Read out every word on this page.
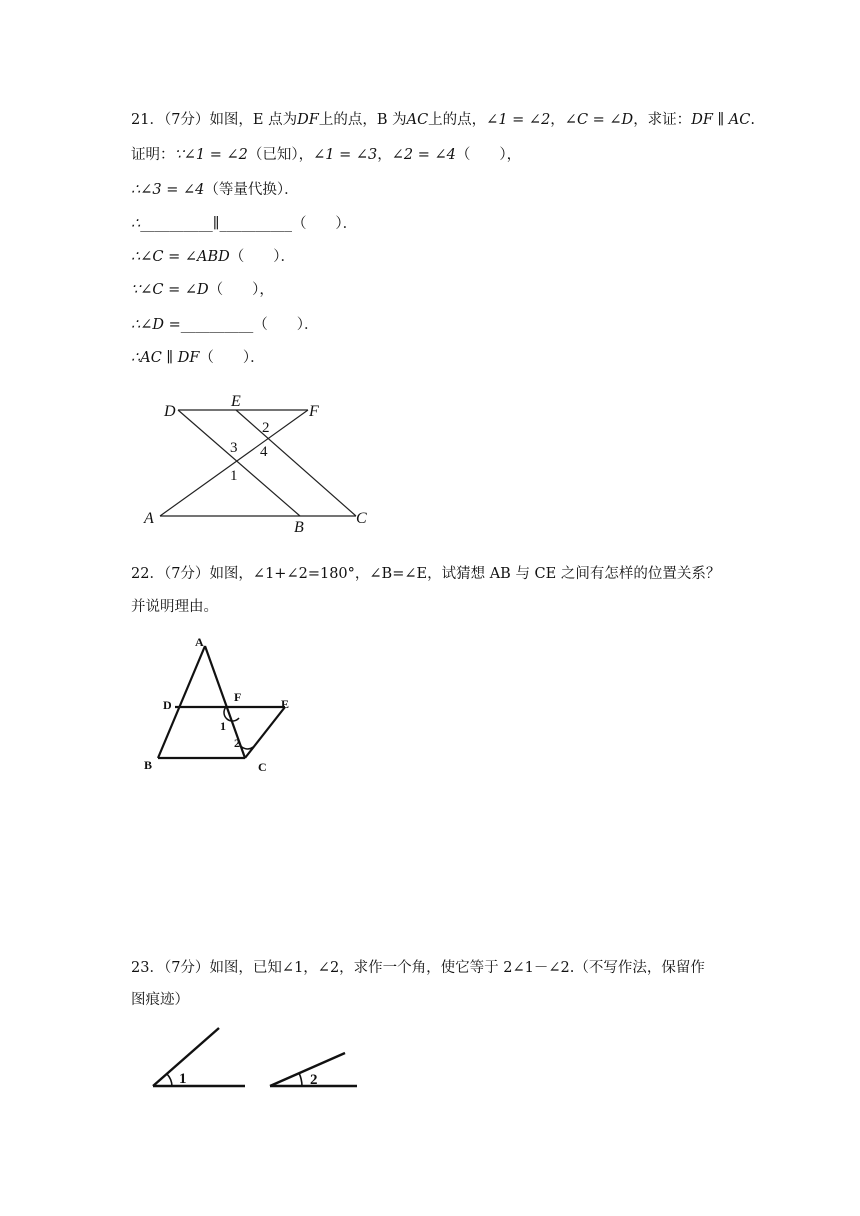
21．（7分）如图，E 点为DF上的点，B 为AC上的点，∠1 = ∠2，∠C = ∠D，求证：DF ∥ AC.
证明：∵∠1 = ∠2（已知），∠1 = ∠3，∠2 = ∠4（　　），
∴∠3 = ∠4（等量代换）．
∴__________∥__________（　　）．
∴∠C = ∠ABD（　　）．
∵∠C = ∠D（　　），
∴∠D =__________（　　）．
∴AC ∥ DF（　　）．
D
E
F
A
B
C
2
3 4
1
22．（7分）如图，∠1+∠2=180°，∠B=∠E，试猜想 AB 与 CE 之间有怎样的位置关系？
并说明理由。
A
D
F	E
B	C
1
2
23．（7分）如图，已知∠1，∠2，求作一个角，使它等于 2∠1－∠2.（不写作法，保留作
图痕迹）
1	2
